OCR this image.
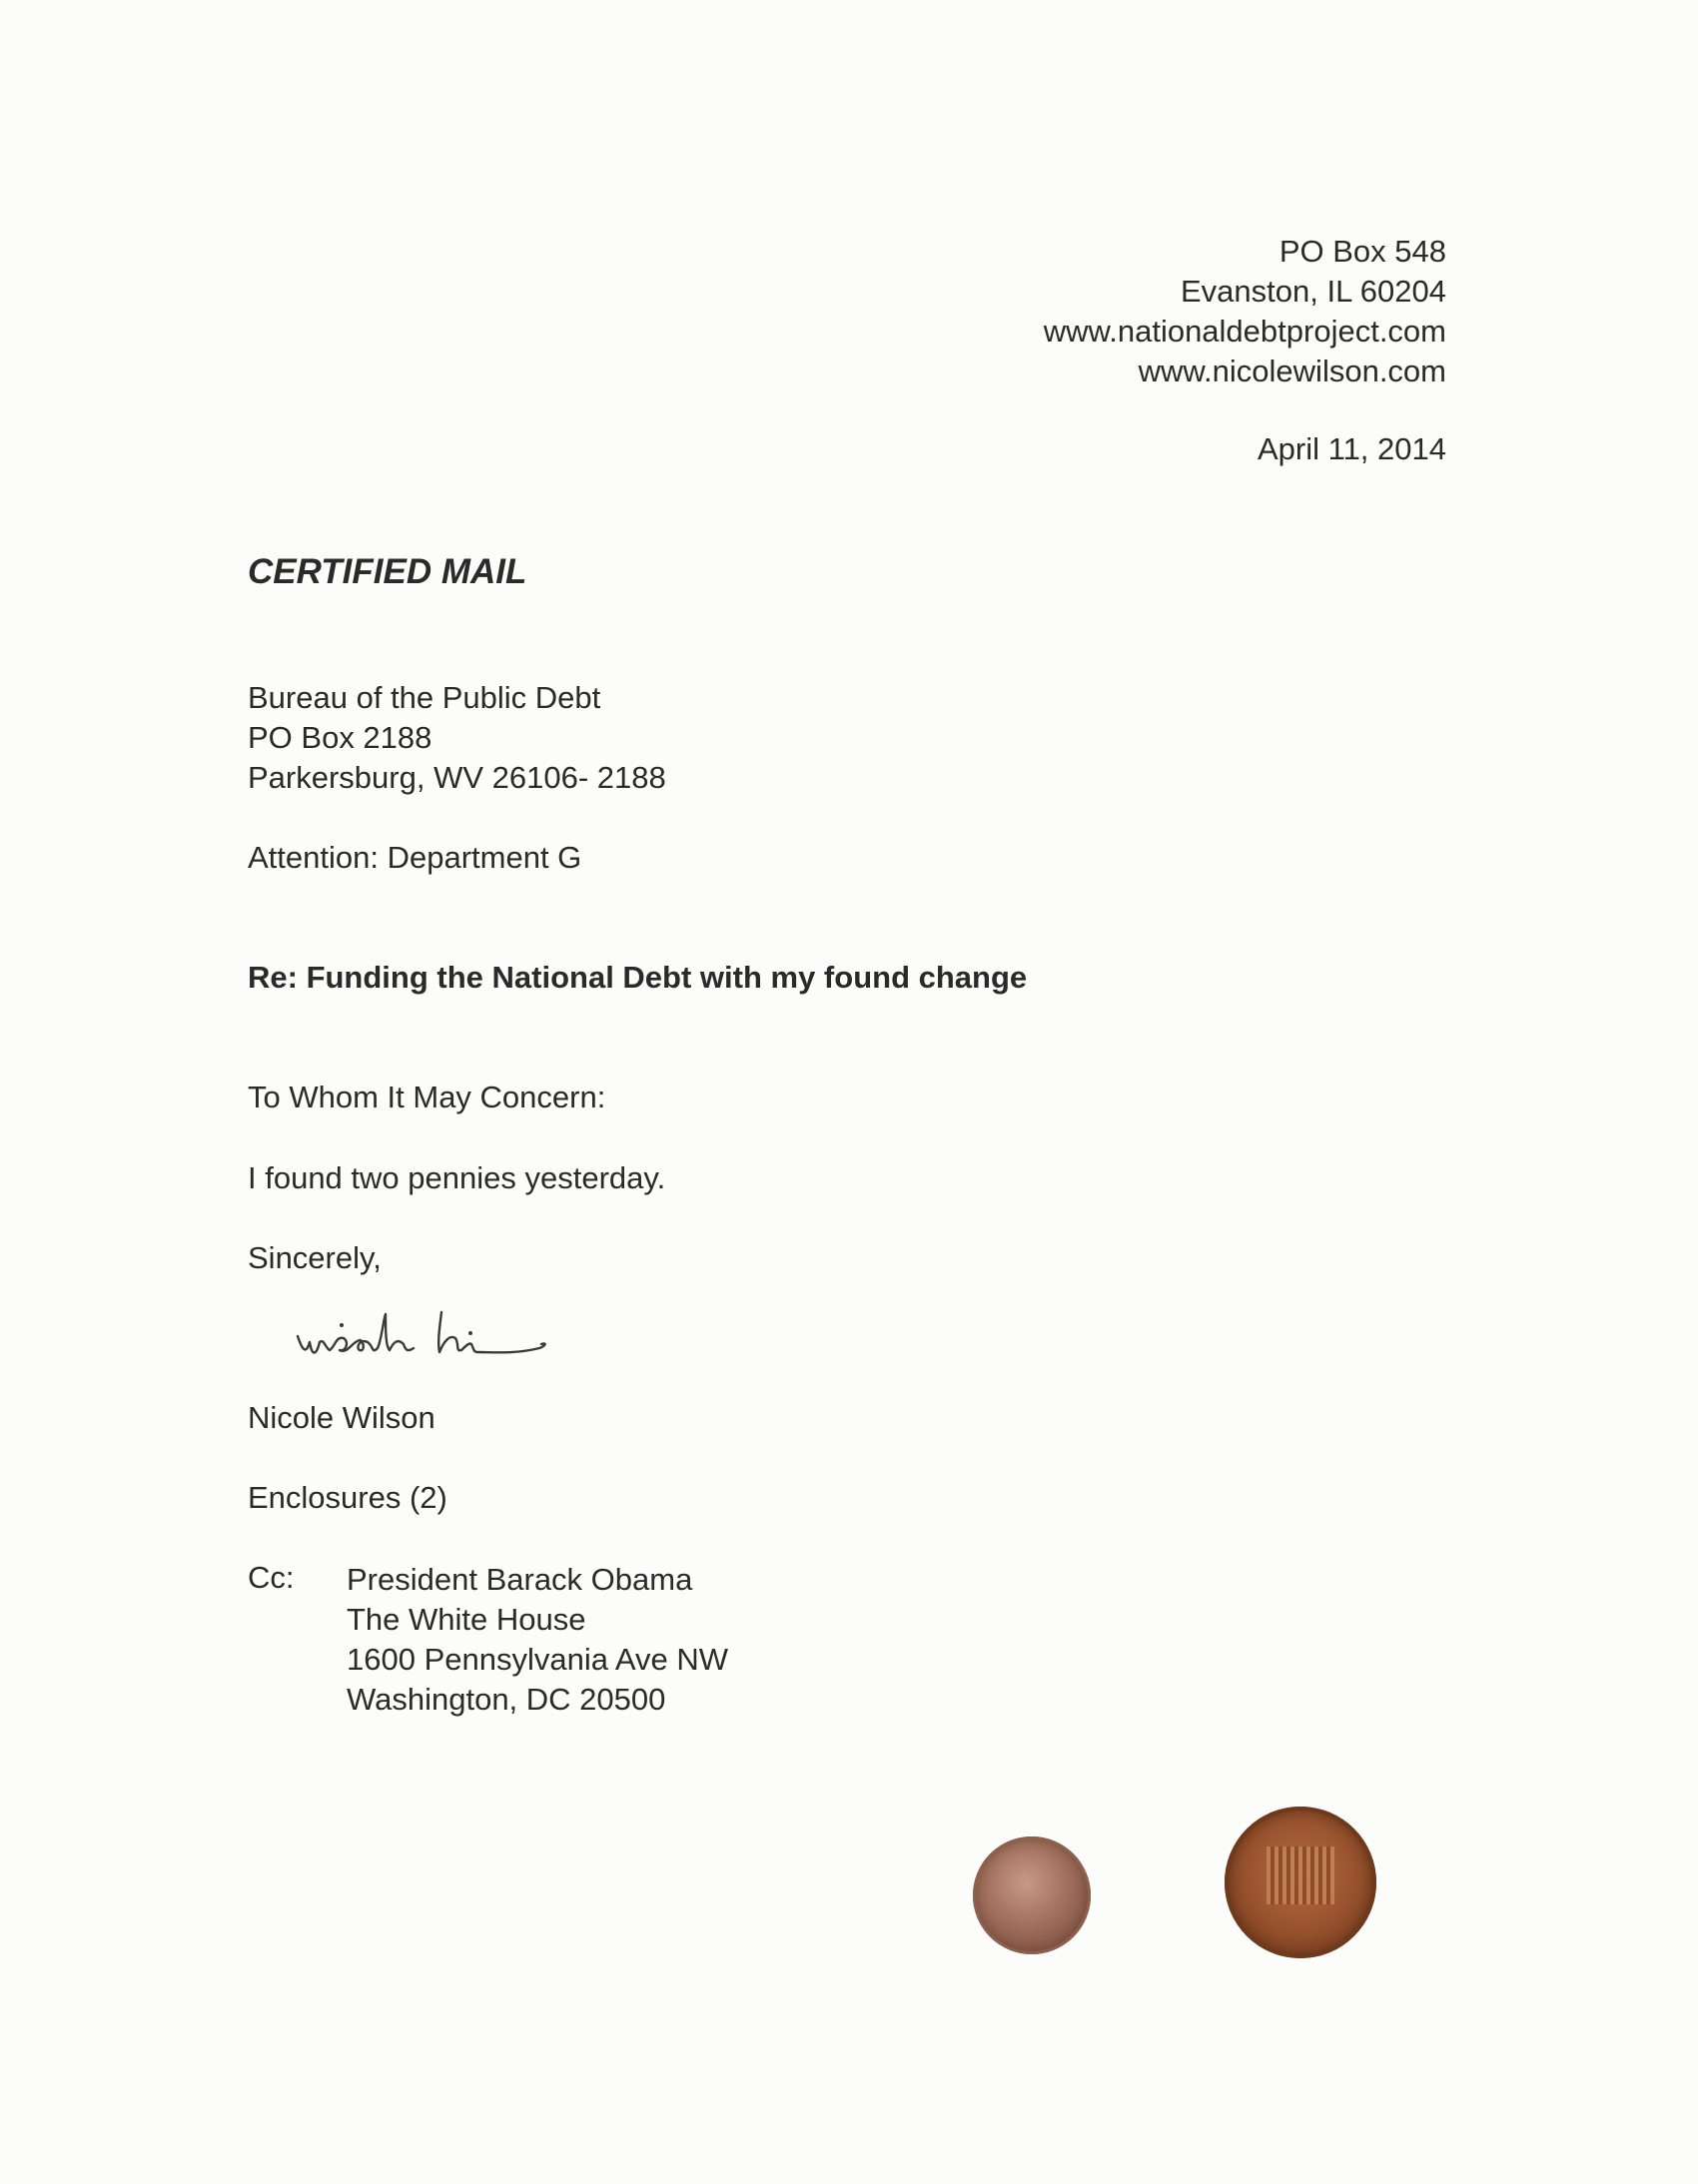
PO Box 548
Evanston, IL 60204
www.nationaldebtproject.com
www.nicolewilson.com
April 11, 2014
CERTIFIED MAIL
Bureau of the Public Debt
PO Box 2188
Parkersburg, WV 26106- 2188
Attention: Department G
Re: Funding the National Debt with my found change
To Whom It May Concern:
I found two pennies yesterday.
Sincerely,
Nicole Wilson
Enclosures (2)
Cc: President Barack Obama
The White House
1600 Pennsylvania Ave NW
Washington, DC 20500
